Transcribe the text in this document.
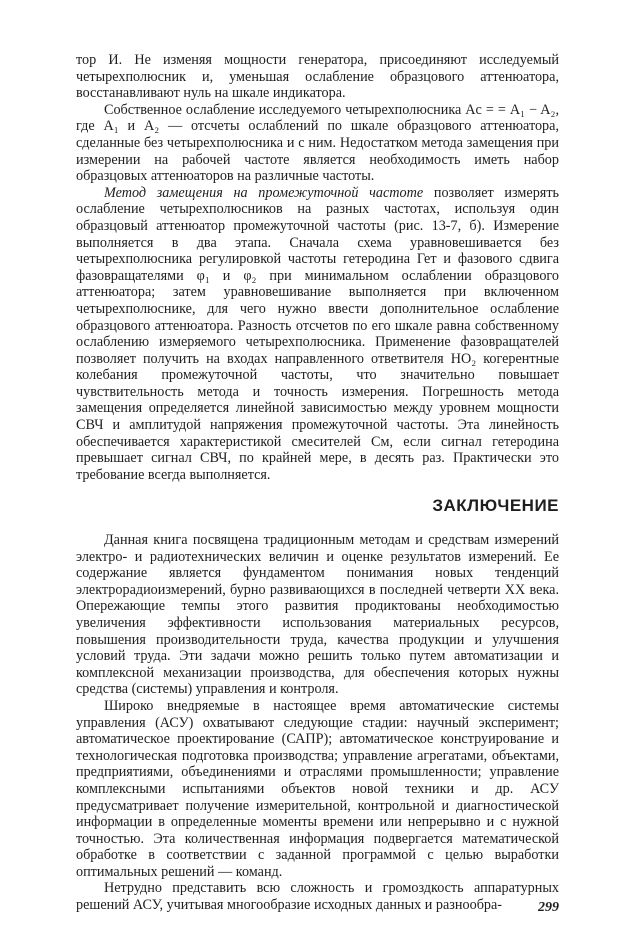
тор И. Не изменяя мощности генератора, присоединяют исследуемый четырехполюсник и, уменьшая ослабление образцового аттенюатора, восстанавливают нуль на шкале индикатора.

Собственное ослабление исследуемого четырехполюсника Aс = = A₁ − A₂, где A₁ и A₂ — отсчеты ослаблений по шкале образцового аттенюатора, сделанные без четырехполюсника и с ним. Недостатком метода замещения при измерении на рабочей частоте является необходимость иметь набор образцовых аттенюаторов на различные частоты.

Метод замещения на промежуточной частоте позволяет измерять ослабление четырехполюсников на разных частотах, используя один образцовый аттенюатор промежуточной частоты (рис. 13-7, б). Измерение выполняется в два этапа. Сначала схема уравновешивается без четырехполюсника регулировкой частоты гетеродина Гет и фазового сдвига фазовращателями φ₁ и φ₂ при минимальном ослаблении образцового аттенюатора; затем уравновешивание выполняется при включенном четырехполюснике, для чего нужно ввести дополнительное ослабление образцового аттенюатора. Разность отсчетов по его шкале равна собственному ослаблению измеряемого четырехполюсника. Применение фазовращателей позволяет получить на входах направленного ответвителя НО₂ когерентные колебания промежуточной частоты, что значительно повышает чувствительность метода и точность измерения. Погрешность метода замещения определяется линейной зависимостью между уровнем мощности СВЧ и амплитудой напряжения промежуточной частоты. Эта линейность обеспечивается характеристикой смесителей См, если сигнал гетеродина превышает сигнал СВЧ, по крайней мере, в десять раз. Практически это требование всегда выполняется.

ЗАКЛЮЧЕНИЕ

Данная книга посвящена традиционным методам и средствам измерений электро- и радиотехнических величин и оценке результатов измерений. Ее содержание является фундаментом понимания новых тенденций электрорадиоизмерений, бурно развивающихся в последней четверти XX века. Опережающие темпы этого развития продиктованы необходимостью увеличения эффективности использования материальных ресурсов, повышения производительности труда, качества продукции и улучшения условий труда. Эти задачи можно решить только путем автоматизации и комплексной механизации производства, для обеспечения которых нужны средства (системы) управления и контроля.

Широко внедряемые в настоящее время автоматические системы управления (АСУ) охватывают следующие стадии: научный эксперимент; автоматическое проектирование (САПР); автоматическое конструирование и технологическая подготовка производства; управление агрегатами, объектами, предприятиями, объединениями и отраслями промышленности; управление комплексными испытаниями объектов новой техники и др. АСУ предусматривает получение измерительной, контрольной и диагностической информации в определенные моменты времени или непрерывно и с нужной точностью. Эта количественная информация подвергается математической обработке в соответствии с заданной программой с целью выработки оптимальных решений — команд.

Нетрудно представить всю сложность и громоздкость аппаратурных решений АСУ, учитывая многообразие исходных данных и разнообра-	299
